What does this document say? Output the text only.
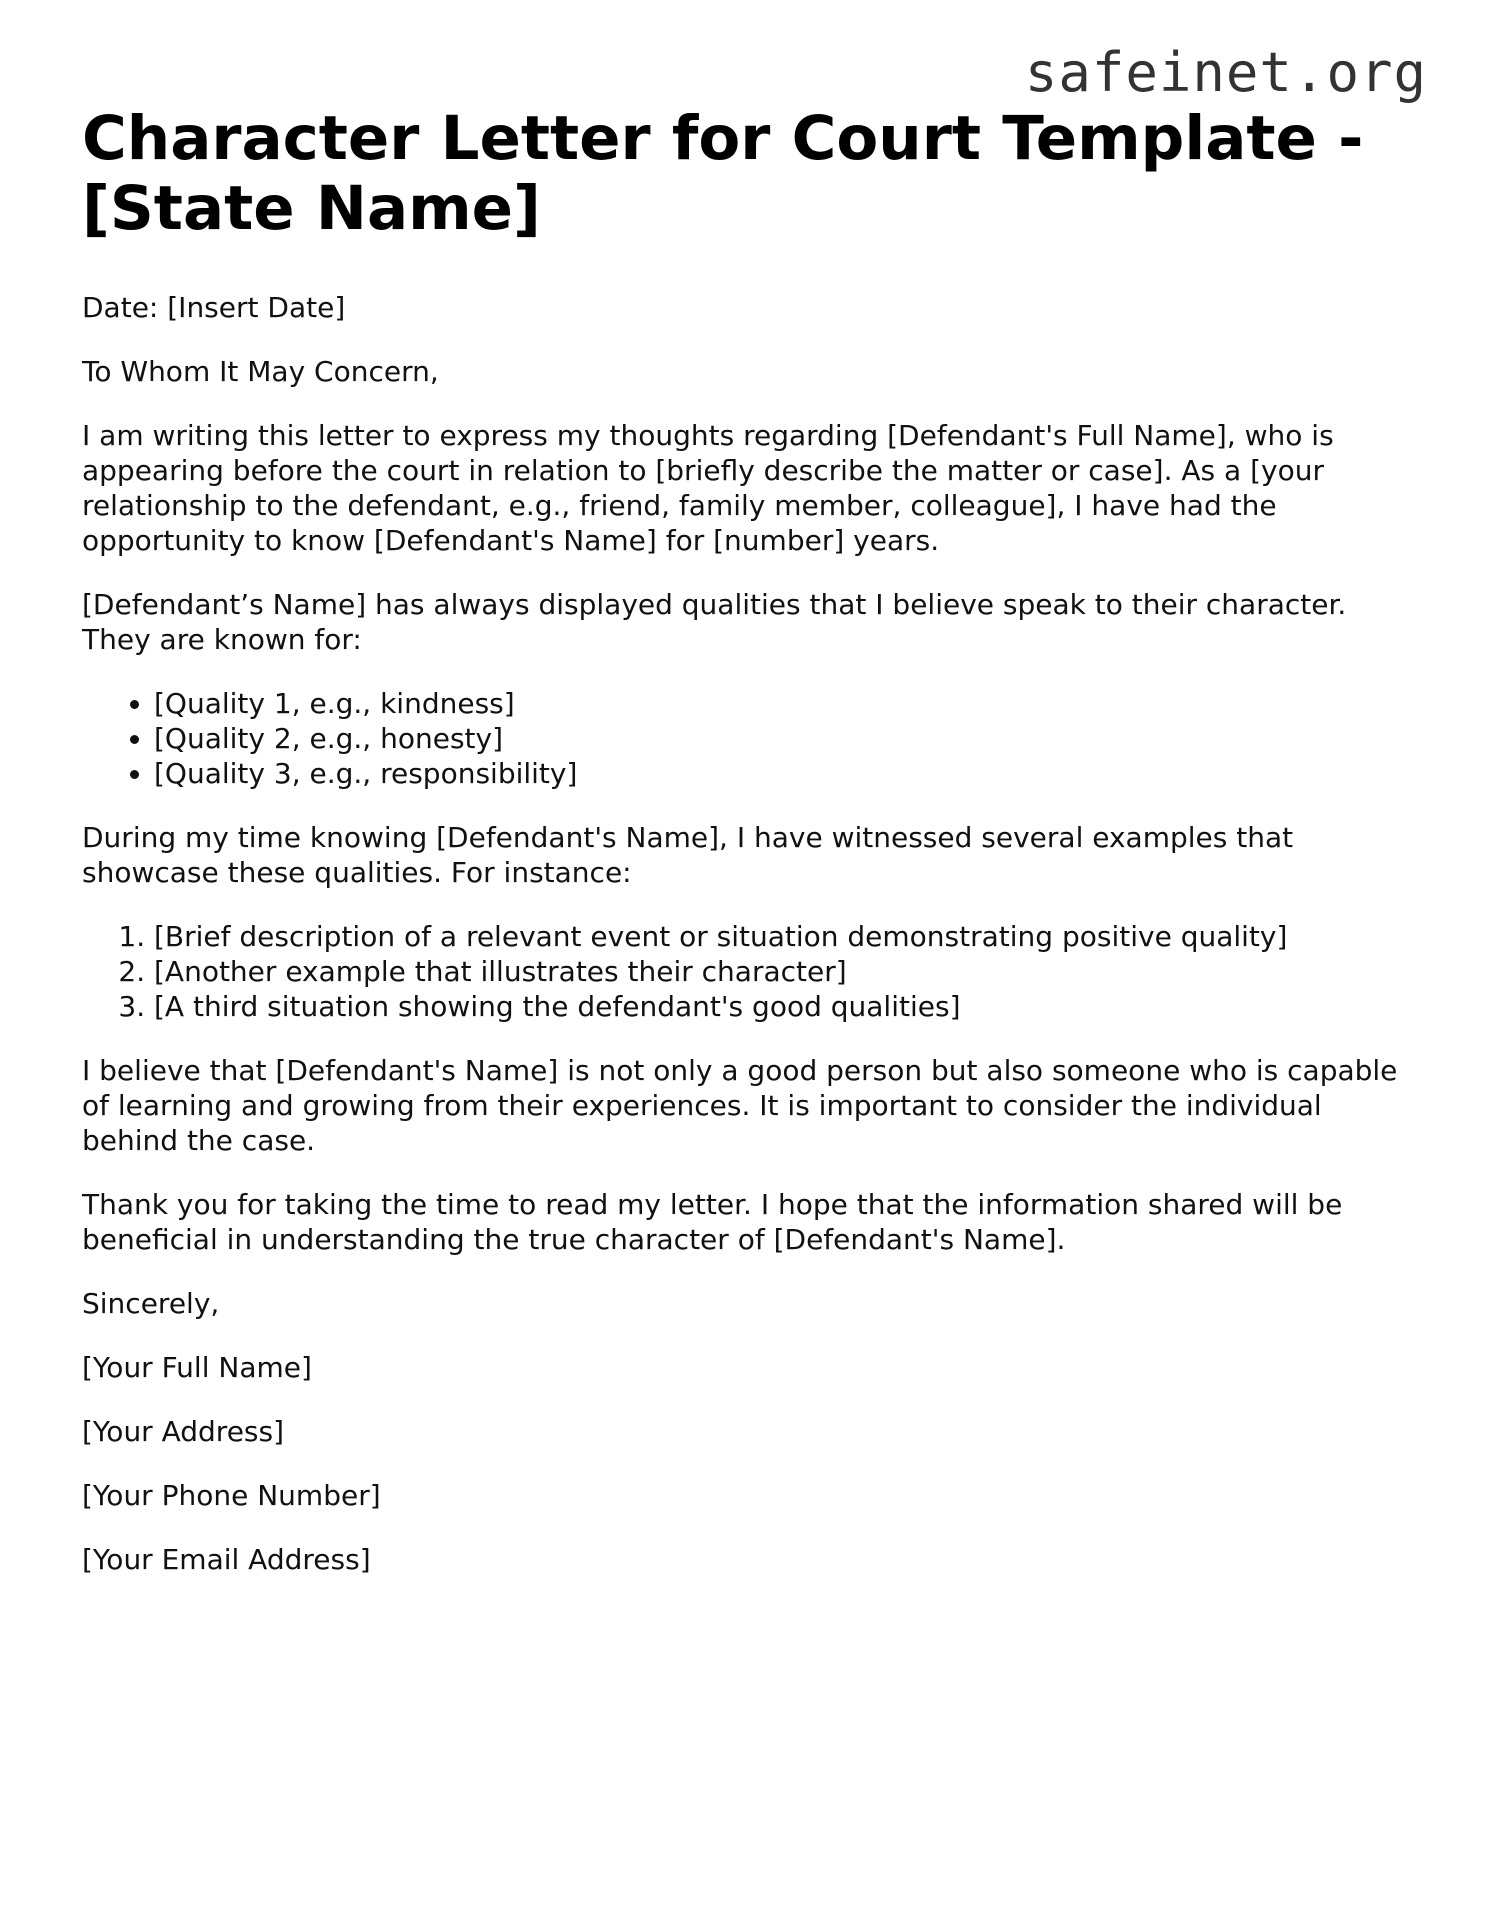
safeinet.org
Character Letter for Court Template - [State Name]

Date: [Insert Date]

To Whom It May Concern,

I am writing this letter to express my thoughts regarding [Defendant's Full Name], who is appearing before the court in relation to [briefly describe the matter or case]. As a [your relationship to the defendant, e.g., friend, family member, colleague], I have had the opportunity to know [Defendant's Name] for [number] years.

[Defendant’s Name] has always displayed qualities that I believe speak to their character. They are known for:

• [Quality 1, e.g., kindness]
• [Quality 2, e.g., honesty]
• [Quality 3, e.g., responsibility]

During my time knowing [Defendant's Name], I have witnessed several examples that showcase these qualities. For instance:

1. [Brief description of a relevant event or situation demonstrating positive quality]
2. [Another example that illustrates their character]
3. [A third situation showing the defendant's good qualities]

I believe that [Defendant's Name] is not only a good person but also someone who is capable of learning and growing from their experiences. It is important to consider the individual behind the case.

Thank you for taking the time to read my letter. I hope that the information shared will be beneficial in understanding the true character of [Defendant's Name].

Sincerely,

[Your Full Name]

[Your Address]

[Your Phone Number]

[Your Email Address]
